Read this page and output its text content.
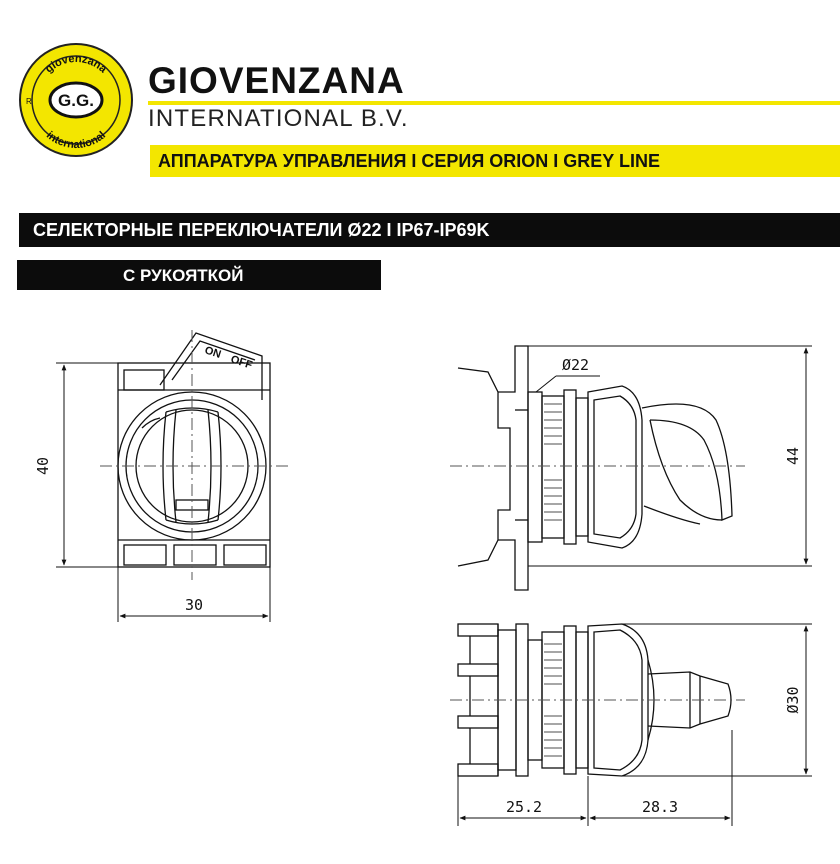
giovenzana
international
G.G.
R
GIOVENZANA
INTERNATIONAL B.V.
АППАРАТУРА УПРАВЛЕНИЯ I СЕРИЯ ORION I GREY LINE
СЕЛЕКТОРНЫЕ ПЕРЕКЛЮЧАТЕЛИ Ø22 I IP67-IP69K
С РУКОЯТКОЙ
ON
OFF
40
30
Ø22
44
Ø30
25.2	28.3
